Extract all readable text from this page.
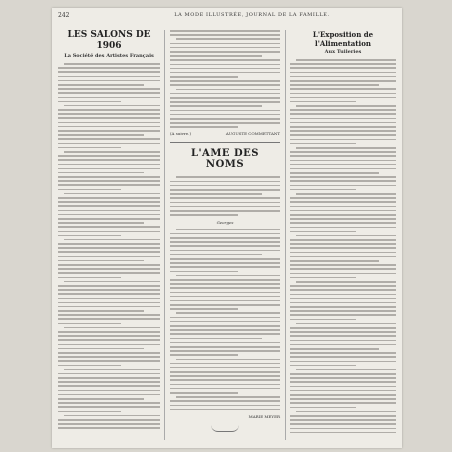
242	LA MODE ILLUSTRÉE, JOURNAL DE LA FAMILLE.
LES SALONS DE 1906
La Société des Artistes Français
(A suivre.)	AUGUSTE COMMETTANT
L'AME DES NOMS
Georges
MARIE MEYER
L'Exposition de l'Alimentation
Aux Tuileries
